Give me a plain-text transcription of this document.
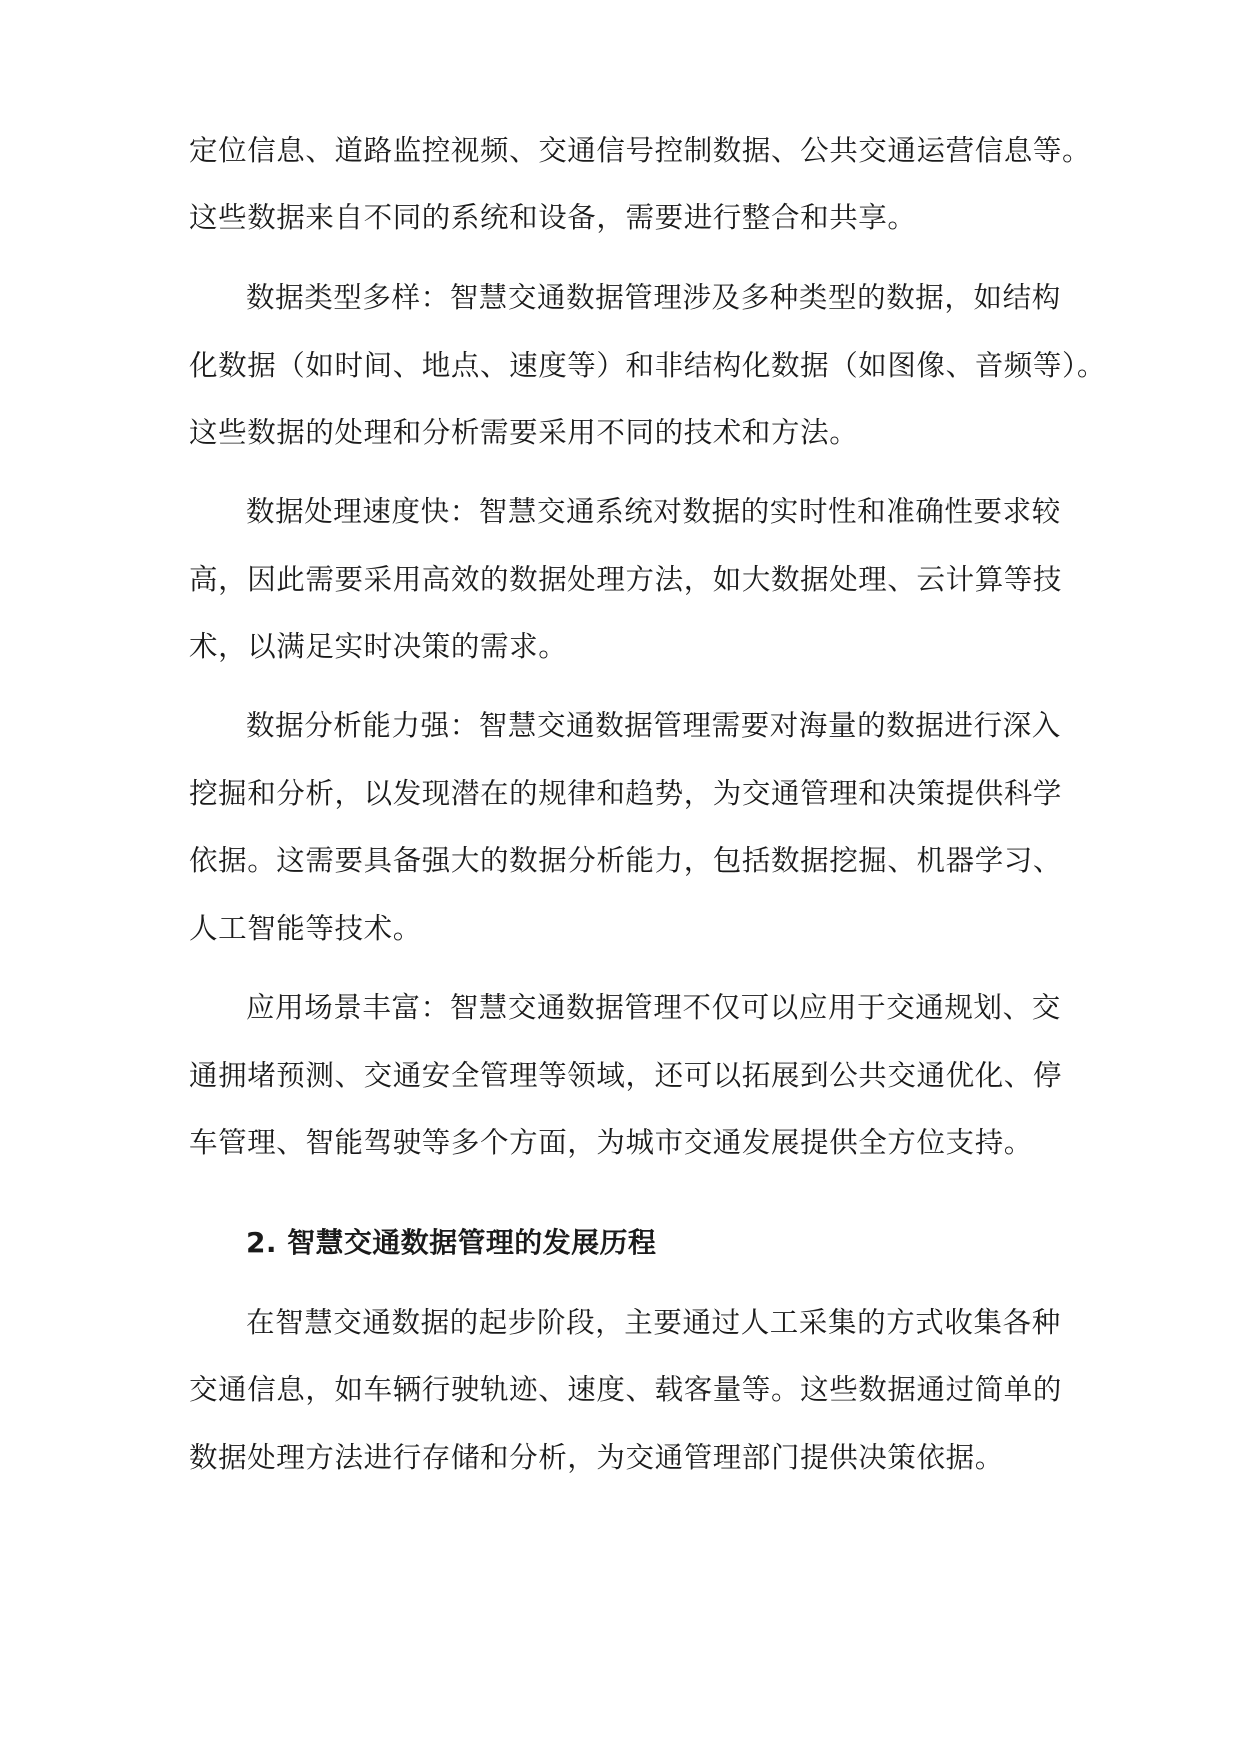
定位信息、道路监控视频、交通信号控制数据、公共交通运营信息等。
这些数据来自不同的系统和设备，需要进行整合和共享。
数据类型多样：智慧交通数据管理涉及多种类型的数据，如结构
化数据（如时间、地点、速度等）和非结构化数据（如图像、音频等）。
这些数据的处理和分析需要采用不同的技术和方法。
数据处理速度快：智慧交通系统对数据的实时性和准确性要求较
高，因此需要采用高效的数据处理方法，如大数据处理、云计算等技
术，以满足实时决策的需求。
数据分析能力强：智慧交通数据管理需要对海量的数据进行深入
挖掘和分析，以发现潜在的规律和趋势，为交通管理和决策提供科学
依据。这需要具备强大的数据分析能力，包括数据挖掘、机器学习、
人工智能等技术。
应用场景丰富：智慧交通数据管理不仅可以应用于交通规划、交
通拥堵预测、交通安全管理等领域，还可以拓展到公共交通优化、停
车管理、智能驾驶等多个方面，为城市交通发展提供全方位支持。
2. 智慧交通数据管理的发展历程
在智慧交通数据的起步阶段，主要通过人工采集的方式收集各种
交通信息，如车辆行驶轨迹、速度、载客量等。这些数据通过简单的
数据处理方法进行存储和分析，为交通管理部门提供决策依据。
